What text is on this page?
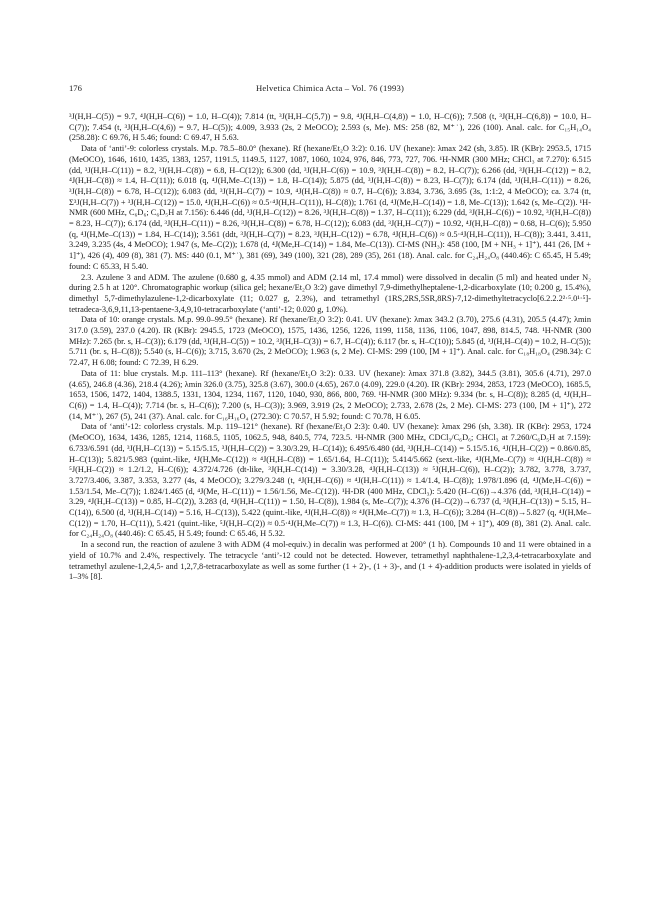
176	Helvetica Chimica Acta – Vol. 76 (1993)

³J(H,H–C(5)) = 9.7, ⁴J(H,H–C(6)) = 1.0, H–C(4)); 7.814 (tt, ³J(H,H–C(5,7)) = 9.8, ⁴J(H,H–C(4,8)) = 1.0, H–C(6)); 7.508 (t, ³J(H,H–C(6,8)) = 10.0, H–C(7)); 7.454 (t, ³J(H,H–C(4,6)) = 9.7, H–C(5)); 4.009, 3.933 (2s, 2 MeOCO); 2.593 (s, Me). MS: 258 (82, M⁺˙), 226 (100). Anal. calc. for C₁₅H₁₄O₄ (258.28): C 69.76, H 5.46; found: C 69.47, H 5.63.

Data of ‘anti’-9: colorless crystals. M.p. 78.5–80.0° (hexane). Rf (hexane/Et₂O 3:2): 0.16. UV (hexane): λmax 242 (sh, 3.85). IR (KBr): 2953.5, 1715 (MeOCO), 1646, 1610, 1435, 1383, 1257, 1191.5, 1149.5, 1127, 1087, 1060, 1024, 976, 846, 773, 727, 706. ¹H-NMR (300 MHz; CHCl₃ at 7.270): 6.515 (dd, ³J(H,H–C(11)) = 8.2, ³J(H,H–C(8)) = 6.8, H–C(12)); 6.300 (dd, ³J(H,H–C(6)) = 10.9, ³J(H,H–C(8)) = 8.2, H–C(7)); 6.266 (dd, ³J(H,H–C(12)) = 8.2, ⁴J(H,H–C(8)) ≈ 1.4, H–C(11)); 6.018 (q, ⁴J(H,Me–C(13)) = 1.8, H–C(14)); 5.875 (dd, ³J(H,H–C(8)) = 8.23, H–C(7)); 6.174 (dd, ³J(H,H–C(11)) = 8.26, ³J(H,H–C(8)) = 6.78, H–C(12)); 6.083 (dd, ³J(H,H–C(7)) = 10.9, ⁴J(H,H–C(8)) ≈ 0.7, H–C(6)); 3.834, 3.736, 3.695 (3s, 1:1:2, 4 MeOCO); ca. 3.74 (tt, Σ³J(H,H–C(7)) + ³J(H,H–C(12)) = 15.0, ⁴J(H,H–C(6)) ≈ 0.5·⁴J(H,H–C(11)), H–C(8)); 1.761 (d, ⁴J(Me,H–C(14)) = 1.8, Me–C(13)); 1.642 (s, Me–C(2)). ¹H-NMR (600 MHz, C₆D₆; C₆D₅H at 7.156): 6.446 (dd, ³J(H,H–C(12)) = 8.26, ³J(H,H–C(8)) = 1.37, H–C(11)); 6.229 (dd, ³J(H,H–C(6)) = 10.92, ³J(H,H–C(8)) = 8.23, H–C(7)); 6.174 (dd, ³J(H,H–C(11)) = 8.26, ³J(H,H–C(8)) = 6.78, H–C(12)); 6.083 (dd, ³J(H,H–C(7)) = 10.92, ⁴J(H,H–C(8)) = 0.68, H–C(6)); 5.950 (q, ⁴J(H,Me–C(13)) = 1.84, H–C(14)); 3.561 (ddt, ³J(H,H–C(7)) = 8.23, ³J(H,H–C(12)) = 6.78, ⁴J(H,H–C(6)) ≈ 0.5·⁴J(H,H–C(11)), H–C(8)); 3.441, 3.411, 3.249, 3.235 (4s, 4 MeOCO); 1.947 (s, Me–C(2)); 1.678 (d, ⁴J(Me,H–C(14)) = 1.84, Me–C(13)). CI-MS (NH₃): 458 (100, [M + NH₃ + 1]⁺), 441 (26, [M + 1]⁺), 426 (4), 409 (8), 381 (7). MS: 440 (0.1, M⁺˙), 381 (69), 349 (100), 321 (28), 289 (35), 261 (18). Anal. calc. for C₂₄H₂₄O₈ (440.46): C 65.45, H 5.49; found: C 65.33, H 5.40.

2.3. Azulene 3 and ADM. The azulene (0.680 g, 4.35 mmol) and ADM (2.14 ml, 17.4 mmol) were dissolved in decalin (5 ml) and heated under N₂ during 2.5 h at 120°. Chromatographic workup (silica gel; hexane/Et₂O 3:2) gave dimethyl 7,9-dimethylheptalene-1,2-dicarboxylate (10; 0.200 g, 15.4%), dimethyl 5,7-dimethylazulene-1,2-dicarboxylate (11; 0.027 g, 2.3%), and tetramethyl (1RS,2RS,5SR,8RS)-7,12-dimethyltetracyclo[6.2.2.2²·⁵.0¹·⁵]-tetradeca-3,6,9,11,13-pentaene-3,4,9,10-tetracarboxylate (‘anti’-12; 0.020 g, 1.0%).

Data of 10: orange crystals. M.p. 99.0–99.5° (hexane). Rf (hexane/Et₂O 3:2): 0.41. UV (hexane): λmax 343.2 (3.70), 275.6 (4.31), 205.5 (4.47); λmin 317.0 (3.59), 237.0 (4.20). IR (KBr): 2945.5, 1723 (MeOCO), 1575, 1436, 1256, 1226, 1199, 1158, 1136, 1106, 1047, 898, 814.5, 748. ¹H-NMR (300 MHz): 7.265 (br. s, H–C(3)); 6.179 (dd, ³J(H,H–C(5)) = 10.2, ³J(H,H–C(3)) = 6.7, H–C(4)); 6.117 (br. s, H–C(10)); 5.845 (d, ³J(H,H–C(4)) = 10.2, H–C(5)); 5.711 (br. s, H–C(8)); 5.540 (s, H–C(6)); 3.715, 3.670 (2s, 2 MeOCO); 1.963 (s, 2 Me). CI-MS: 299 (100, [M + 1]⁺). Anal. calc. for C₁₈H₁₈O₄ (298.34): C 72.47, H 6.08; found: C 72.39, H 6.29.

Data of 11: blue crystals. M.p. 111–113° (hexane). Rf (hexane/Et₂O 3:2): 0.33. UV (hexane): λmax 371.8 (3.82), 344.5 (3.81), 305.6 (4.71), 297.0 (4.65), 246.8 (4.36), 218.4 (4.26); λmin 326.0 (3.75), 325.8 (3.67), 300.0 (4.65), 267.0 (4.09), 229.0 (4.20). IR (KBr): 2934, 2853, 1723 (MeOCO), 1685.5, 1653, 1506, 1472, 1404, 1388.5, 1331, 1304, 1234, 1167, 1120, 1040, 930, 866, 800, 769. ¹H-NMR (300 MHz): 9.334 (br. s, H–C(8)); 8.285 (d, ⁴J(H,H–C(6)) = 1.4, H–C(4)); 7.714 (br. s, H–C(6)); 7.200 (s, H–C(3)); 3.969, 3.919 (2s, 2 MeOCO); 2.733, 2.678 (2s, 2 Me). CI-MS: 273 (100, [M + 1]⁺), 272 (14, M⁺˙), 267 (5), 241 (37). Anal. calc. for C₁₆H₁₆O₄ (272.30): C 70.57, H 5.92; found: C 70.78, H 6.05.

Data of ‘anti’-12: colorless crystals. M.p. 119–121° (hexane). Rf (hexane/Et₂O 2:3): 0.40. UV (hexane): λmax 296 (sh, 3.38). IR (KBr): 2953, 1724 (MeOCO), 1634, 1436, 1285, 1214, 1168.5, 1105, 1062.5, 948, 840.5, 774, 723.5. ¹H-NMR (300 MHz, CDCl₃/C₆D₆; CHCl₃ at 7.260/C₆D₅H at 7.159): 6.733/6.591 (dd, ³J(H,H–C(13)) = 5.15/5.15, ³J(H,H–C(2)) = 3.30/3.29, H–C(14)); 6.495/6.480 (dd, ³J(H,H–C(14)) = 5.15/5.16, ⁴J(H,H–C(2)) = 0.86/0.85, H–C(13)); 5.821/5.983 (quint.-like, ⁴J(H,Me–C(12)) ≈ ⁴J(H,H–C(8)) = 1.65/1.64, H–C(11)); 5.414/5.662 (sext.-like, ⁴J(H,Me–C(7)) ≈ ⁴J(H,H–C(8)) ≈ ⁵J(H,H–C(2)) ≈ 1.2/1.2, H–C(6)); 4.372/4.726 (dt-like, ³J(H,H–C(14)) = 3.30/3.28, ⁴J(H,H–C(13)) ≈ ⁵J(H,H–C(6)), H–C(2)); 3.782, 3.778, 3.737, 3.727/3.406, 3.387, 3.353, 3.277 (4s, 4 MeOCO); 3.279/3.248 (t, ⁴J(H,H–C(6)) ≈ ⁴J(H,H–C(11)) ≈ 1.4/1.4, H–C(8)); 1.978/1.896 (d, ⁴J(Me,H–C(6)) = 1.53/1.54, Me–C(7)); 1.824/1.465 (d, ⁴J(Me, H–C(11)) = 1.56/1.56, Me–C(12)). ¹H-DR (400 MHz, CDCl₃): 5.420 (H–C(6))→4.376 (dd, ³J(H,H–C(14)) = 3.29, ⁴J(H,H–C(13)) = 0.85, H–C(2)), 3.283 (d, ⁴J(H,H–C(11)) = 1.50, H–C(8)), 1.984 (s, Me–C(7)); 4.376 (H–C(2))→6.737 (d, ³J(H,H–C(13)) = 5.15, H–C(14)), 6.500 (d, ³J(H,H–C(14)) = 5.16, H–C(13)), 5.422 (quint.-like, ⁴J(H,H–C(8)) ≈ ⁴J(H,Me–C(7)) ≈ 1.3, H–C(6)); 3.284 (H–C(8))→5.827 (q, ⁴J(H,Me–C(12)) = 1.70, H–C(11)), 5.421 (quint.-like, ⁵J(H,H–C(2)) ≈ 0.5·⁴J(H,Me–C(7)) ≈ 1.3, H–C(6)). CI-MS: 441 (100, [M + 1]⁺), 409 (8), 381 (2). Anal. calc. for C₂₄H₂₄O₈ (440.46): C 65.45, H 5.49; found: C 65.46, H 5.32.

In a second run, the reaction of azulene 3 with ADM (4 mol-equiv.) in decalin was performed at 200° (1 h). Compounds 10 and 11 were obtained in a yield of 10.7% and 2.4%, respectively. The tetracycle ‘anti’-12 could not be detected. However, tetramethyl naphthalene-1,2,3,4-tetracarboxylate and tetramethyl azulene-1,2,4,5- and 1,2,7,8-tetracarboxylate as well as some further (1 + 2)-, (1 + 3)-, and (1 + 4)-addition products were isolated in yields of 1–3% [8].
